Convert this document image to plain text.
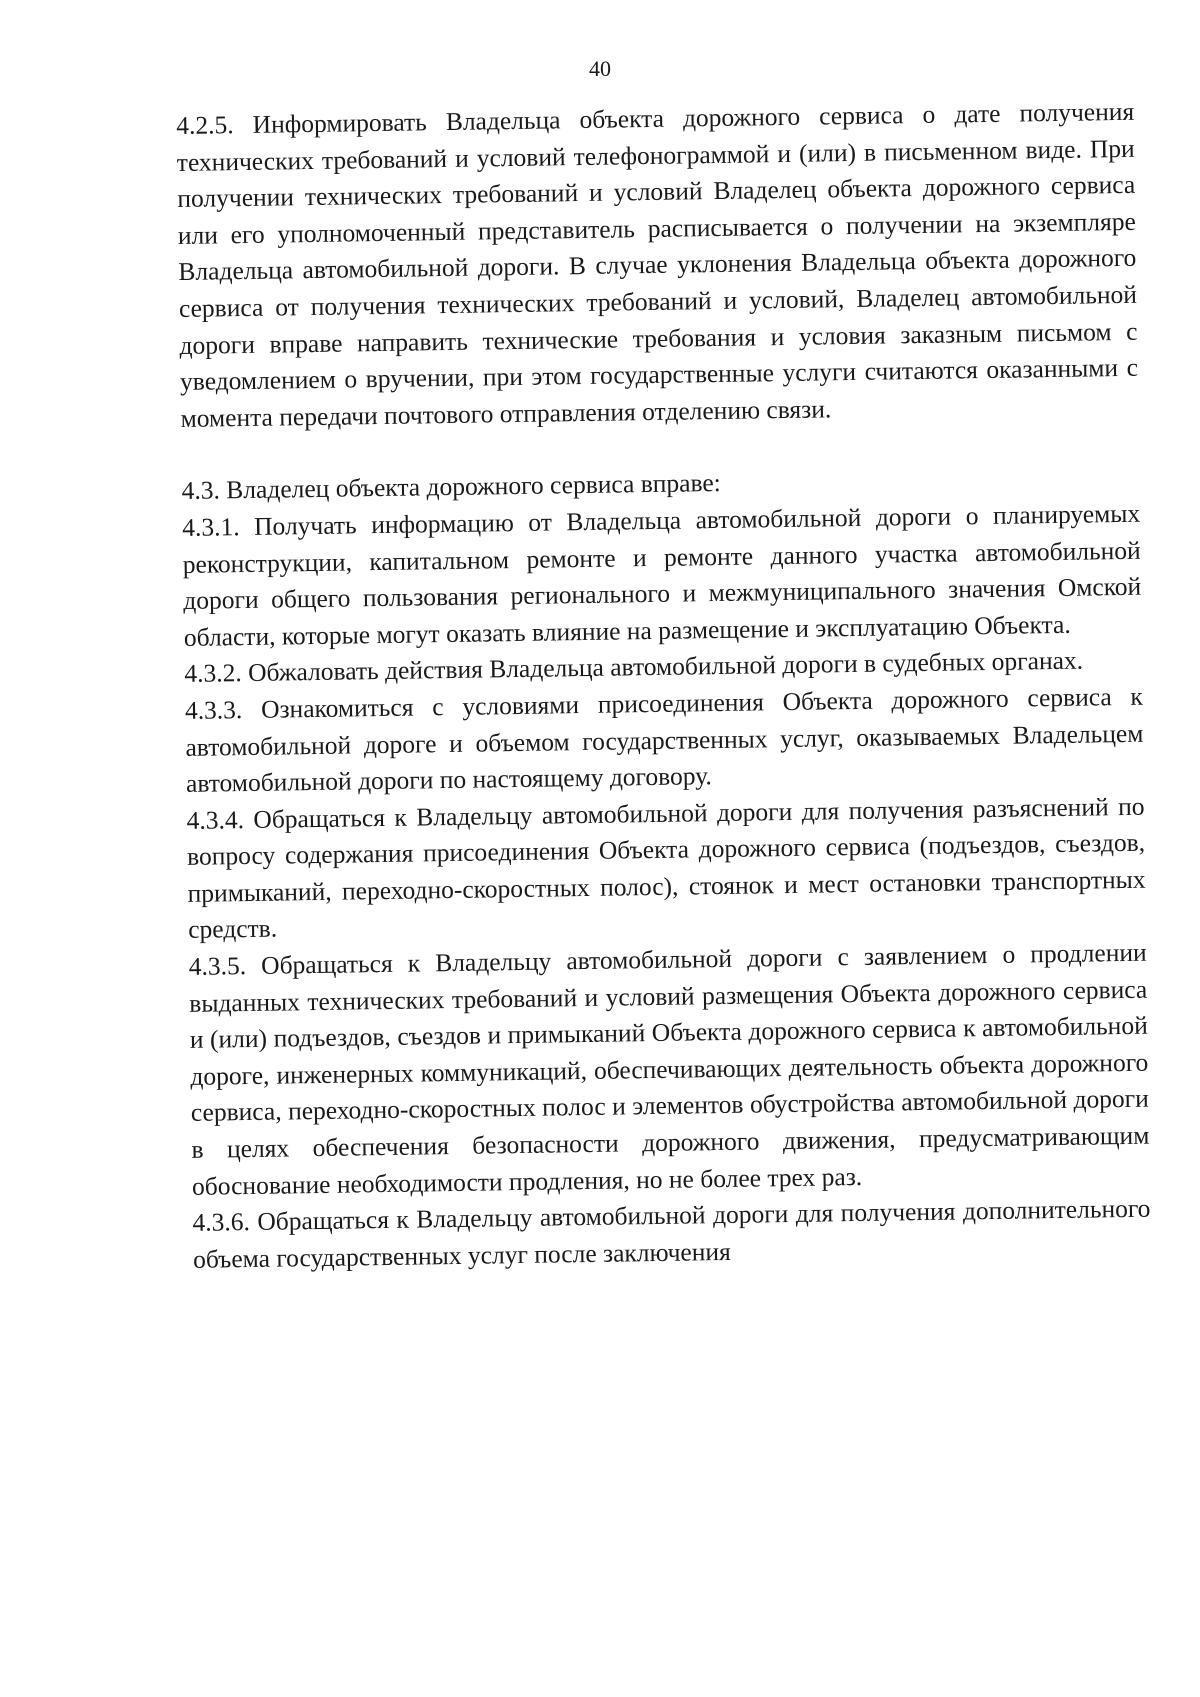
40

4.2.5. Информировать Владельца объекта дорожного сервиса о дате получения технических требований и условий телефонограммой и (или) в письменном виде. При получении технических требований и условий Владелец объекта дорожного сервиса или его уполномоченный представитель расписывается о получении на экземпляре Владельца автомобильной дороги. В случае уклонения Владельца объекта дорожного сервиса от получения технических требований и условий, Владелец автомобильной дороги вправе направить технические требования и условия заказным письмом с уведомлением о вручении, при этом государственные услуги считаются оказанными с момента передачи почтового отправления отделению связи.

4.3. Владелец объекта дорожного сервиса вправе:

4.3.1. Получать информацию от Владельца автомобильной дороги о планируемых реконструкции, капитальном ремонте и ремонте данного участка автомобильной дороги общего пользования регионального и межмуниципального значения Омской области, которые могут оказать влияние на размещение и эксплуатацию Объекта.

4.3.2. Обжаловать действия Владельца автомобильной дороги в судебных органах.

4.3.3. Ознакомиться с условиями присоединения Объекта дорожного сервиса к автомобильной дороге и объемом государственных услуг, оказываемых Владельцем автомобильной дороги по настоящему договору.

4.3.4. Обращаться к Владельцу автомобильной дороги для получения разъяснений по вопросу содержания присоединения Объекта дорожного сервиса (подъездов, съездов, примыканий, переходно-скоростных полос), стоянок и мест остановки транспортных средств.

4.3.5. Обращаться к Владельцу автомобильной дороги с заявлением о продлении выданных технических требований и условий размещения Объекта дорожного сервиса и (или) подъездов, съездов и примыканий Объекта дорожного сервиса к автомобильной дороге, инженерных коммуникаций, обеспечивающих деятельность объекта дорожного сервиса, переходно-скоростных полос и элементов обустройства автомобильной дороги в целях обеспечения безопасности дорожного движения, предусматривающим обоснование необходимости продления, но не более трех раз.

4.3.6. Обращаться к Владельцу автомобильной дороги для получения дополнительного объема государственных услуг после заключения
